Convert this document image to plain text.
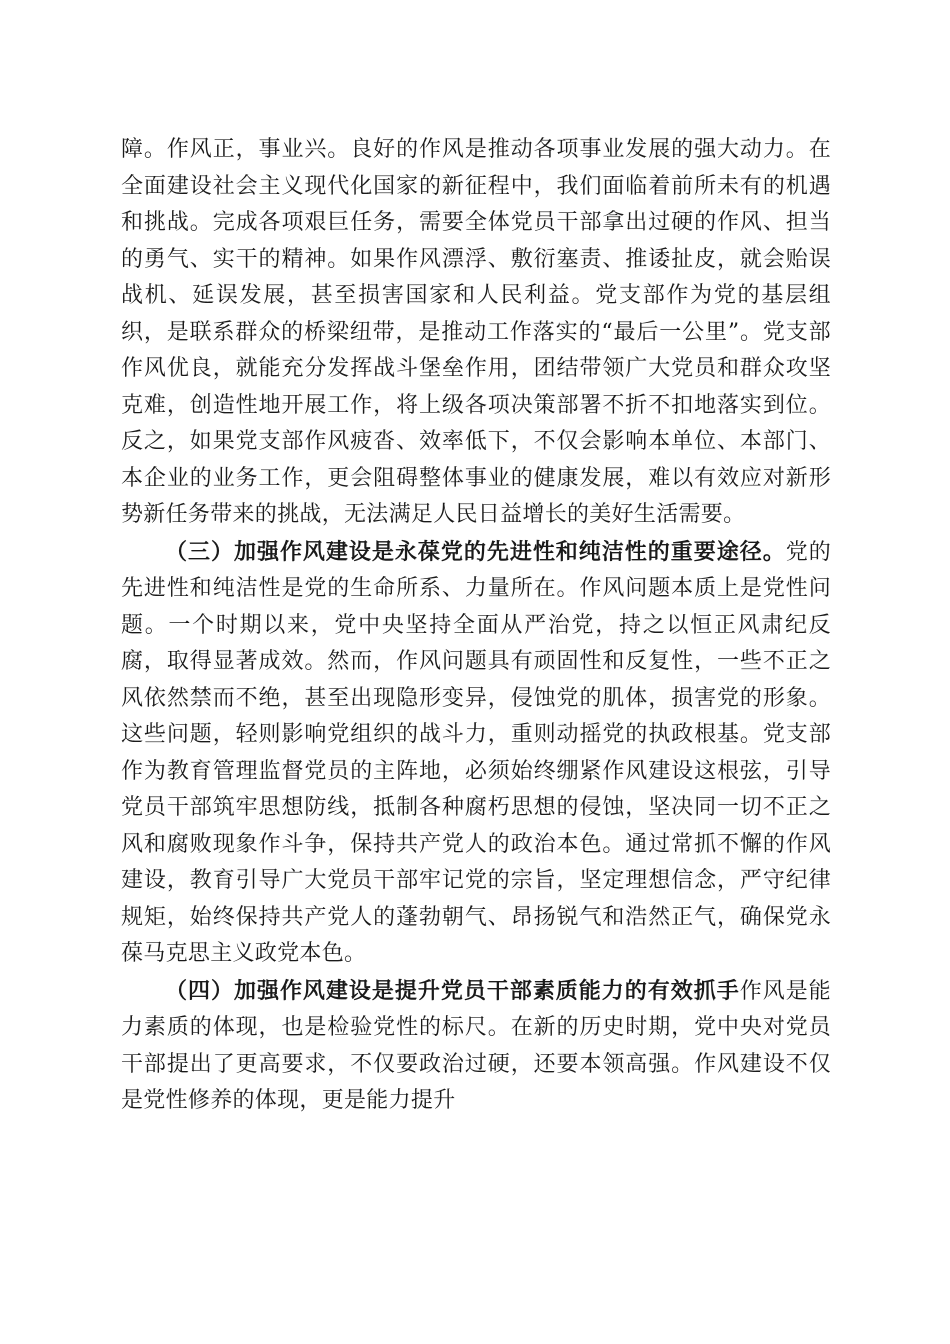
障。作风正，事业兴。良好的作风是推动各项事业发展的强大动力。在全面建设社会主义现代化国家的新征程中，我们面临着前所未有的机遇和挑战。完成各项艰巨任务，需要全体党员干部拿出过硬的作风、担当的勇气、实干的精神。如果作风漂浮、敷衍塞责、推诿扯皮，就会贻误战机、延误发展，甚至损害国家和人民利益。党支部作为党的基层组织，是联系群众的桥梁纽带，是推动工作落实的“最后一公里”。党支部作风优良，就能充分发挥战斗堡垒作用，团结带领广大党员和群众攻坚克难，创造性地开展工作，将上级各项决策部署不折不扣地落实到位。反之，如果党支部作风疲沓、效率低下，不仅会影响本单位、本部门、本企业的业务工作，更会阻碍整体事业的健康发展，难以有效应对新形势新任务带来的挑战，无法满足人民日益增长的美好生活需要。

（三）加强作风建设是永葆党的先进性和纯洁性的重要途径。党的先进性和纯洁性是党的生命所系、力量所在。作风问题本质上是党性问题。一个时期以来，党中央坚持全面从严治党，持之以恒正风肃纪反腐，取得显著成效。然而，作风问题具有顽固性和反复性，一些不正之风依然禁而不绝，甚至出现隐形变异，侵蚀党的肌体，损害党的形象。这些问题，轻则影响党组织的战斗力，重则动摇党的执政根基。党支部作为教育管理监督党员的主阵地，必须始终绷紧作风建设这根弦，引导党员干部筑牢思想防线，抵制各种腐朽思想的侵蚀，坚决同一切不正之风和腐败现象作斗争，保持共产党人的政治本色。通过常抓不懈的作风建设，教育引导广大党员干部牢记党的宗旨，坚定理想信念，严守纪律规矩，始终保持共产党人的蓬勃朝气、昂扬锐气和浩然正气，确保党永葆马克思主义政党本色。

（四）加强作风建设是提升党员干部素质能力的有效抓手作风是能力素质的体现，也是检验党性的标尺。在新的历史时期，党中央对党员干部提出了更高要求，不仅要政治过硬，还要本领高强。作风建设不仅是党性修养的体现，更是能力提升
